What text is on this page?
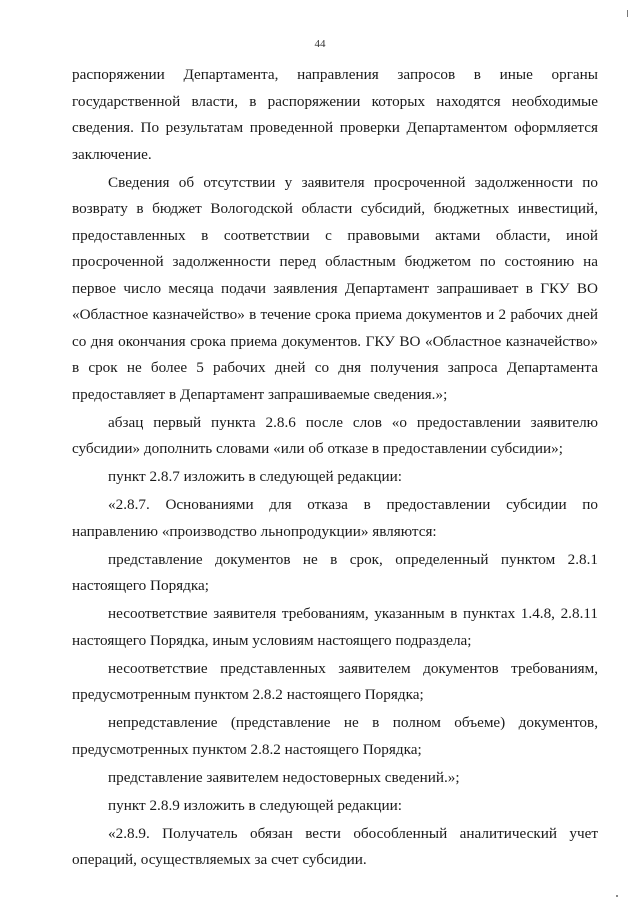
44

распоряжении Департамента, направления запросов в иные органы государственной власти, в распоряжении которых находятся необходимые сведения. По результатам проведенной проверки Департаментом оформляется заключение.

Сведения об отсутствии у заявителя просроченной задолженности по возврату в бюджет Вологодской области субсидий, бюджетных инвестиций, предоставленных в соответствии с правовыми актами области, иной просроченной задолженности перед областным бюджетом по состоянию на первое число месяца подачи заявления Департамент запрашивает в ГКУ ВО «Областное казначейство» в течение срока приема документов и 2 рабочих дней со дня окончания срока приема документов. ГКУ ВО «Областное казначейство» в срок не более 5 рабочих дней со дня получения запроса Департамента предоставляет в Департамент запрашиваемые сведения.»;

абзац первый пункта 2.8.6 после слов «о предоставлении заявителю субсидии» дополнить словами «или об отказе в предоставлении субсидии»;

пункт 2.8.7 изложить в следующей редакции:

«2.8.7. Основаниями для отказа в предоставлении субсидии по направлению «производство льнопродукции» являются:

представление документов не в срок, определенный пунктом 2.8.1 настоящего Порядка;

несоответствие заявителя требованиям, указанным в пунктах 1.4.8, 2.8.11 настоящего Порядка, иным условиям настоящего подраздела;

несоответствие представленных заявителем документов требованиям, предусмотренным пунктом 2.8.2 настоящего Порядка;

непредставление (представление не в полном объеме) документов, предусмотренных пунктом 2.8.2 настоящего Порядка;

представление заявителем недостоверных сведений.»;

пункт 2.8.9 изложить в следующей редакции:

«2.8.9. Получатель обязан вести обособленный аналитический учет операций, осуществляемых за счет субсидии.
